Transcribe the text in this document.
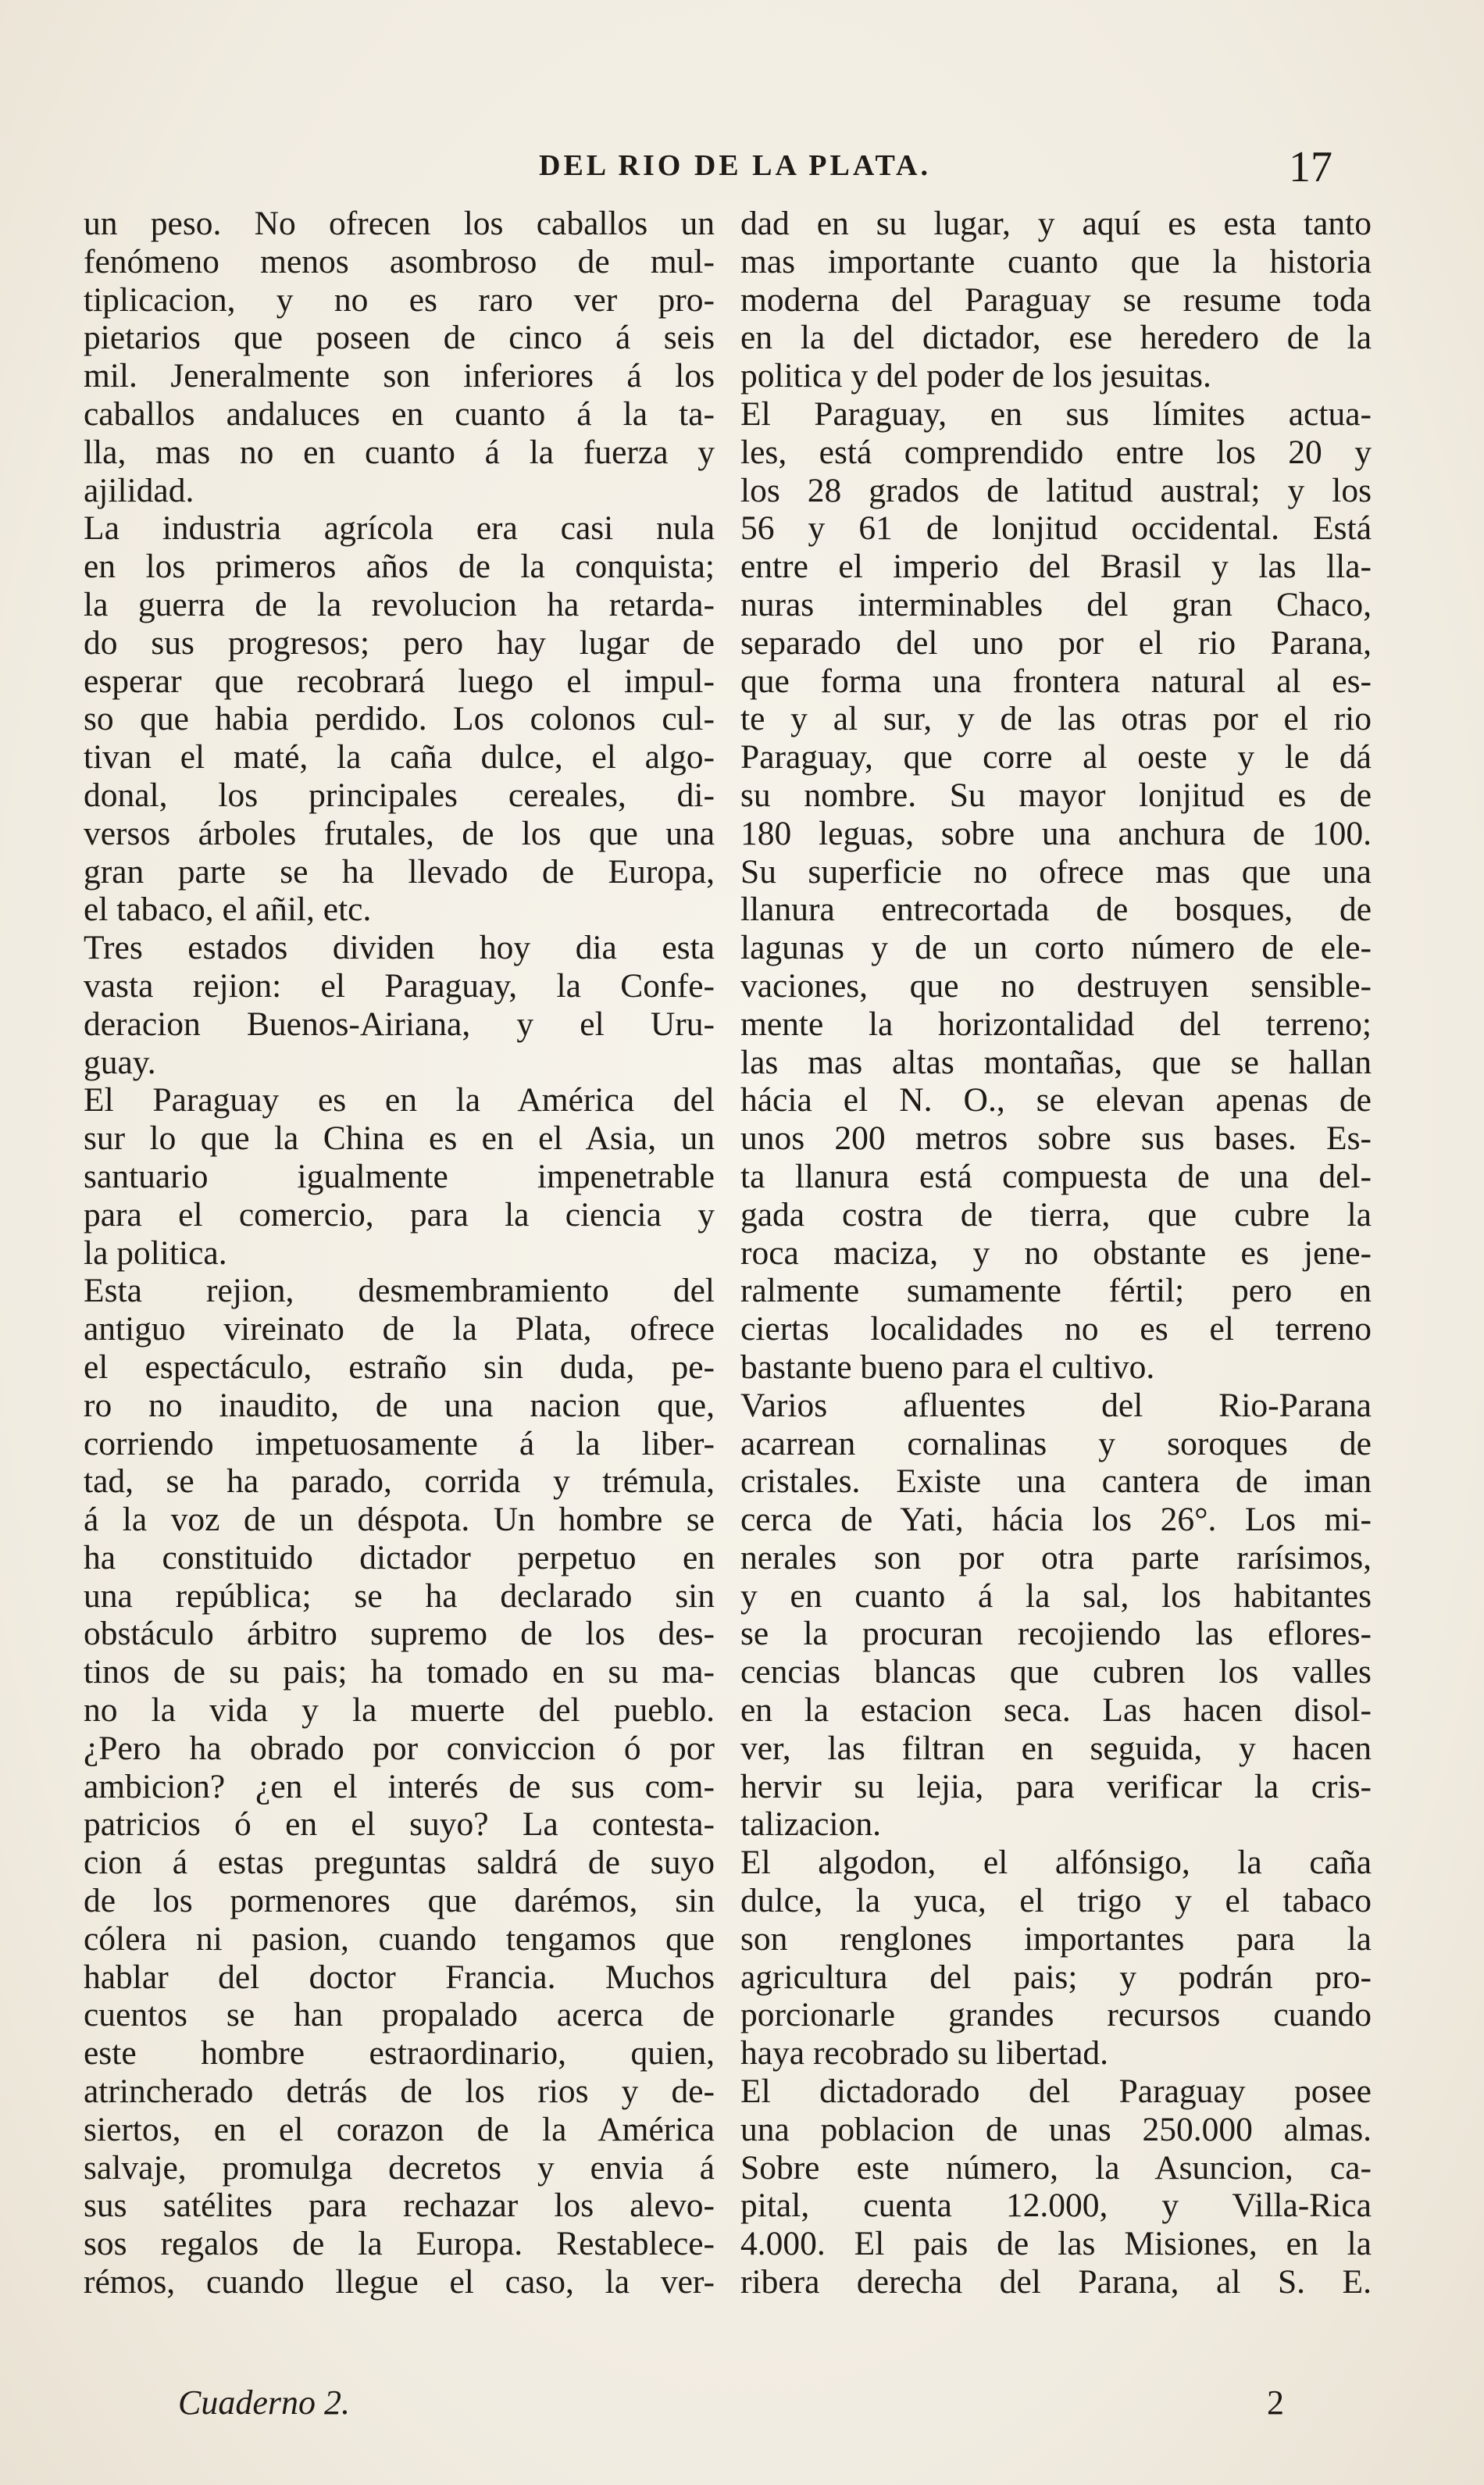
DEL RIO DE LA PLATA.	17
un peso. No ofrecen los caballos un
fenómeno menos asombroso de mul-
tiplicacion, y no es raro ver pro-
pietarios que poseen de cinco á seis
mil. Jeneralmente son inferiores á los
caballos andaluces en cuanto á la ta-
lla, mas no en cuanto á la fuerza y
ajilidad.
La industria agrícola era casi nula
en los primeros años de la conquista;
la guerra de la revolucion ha retarda-
do sus progresos; pero hay lugar de
esperar que recobrará luego el impul-
so que habia perdido. Los colonos cul-
tivan el maté, la caña dulce, el algo-
donal, los principales cereales, di-
versos árboles frutales, de los que una
gran parte se ha llevado de Europa,
el tabaco, el añil, etc.
Tres estados dividen hoy dia esta
vasta rejion: el Paraguay, la Confe-
deracion Buenos-Airiana, y el Uru-
guay.
El Paraguay es en la América del
sur lo que la China es en el Asia, un
santuario igualmente impenetrable
para el comercio, para la ciencia y
la politica.
Esta rejion, desmembramiento del
antiguo vireinato de la Plata, ofrece
el espectáculo, estraño sin duda, pe-
ro no inaudito, de una nacion que,
corriendo impetuosamente á la liber-
tad, se ha parado, corrida y trémula,
á la voz de un déspota. Un hombre se
ha constituido dictador perpetuo en
una república; se ha declarado sin
obstáculo árbitro supremo de los des-
tinos de su pais; ha tomado en su ma-
no la vida y la muerte del pueblo.
¿Pero ha obrado por conviccion ó por
ambicion? ¿en el interés de sus com-
patricios ó en el suyo? La contesta-
cion á estas preguntas saldrá de suyo
de los pormenores que darémos, sin
cólera ni pasion, cuando tengamos que
hablar del doctor Francia. Muchos
cuentos se han propalado acerca de
este hombre estraordinario, quien,
atrincherado detrás de los rios y de-
siertos, en el corazon de la América
salvaje, promulga decretos y envia á
sus satélites para rechazar los alevo-
sos regalos de la Europa. Restablece-
rémos, cuando llegue el caso, la ver-
dad en su lugar, y aquí es esta tanto
mas importante cuanto que la historia
moderna del Paraguay se resume toda
en la del dictador, ese heredero de la
politica y del poder de los jesuitas.
El Paraguay, en sus límites actua-
les, está comprendido entre los 20 y
los 28 grados de latitud austral; y los
56 y 61 de lonjitud occidental. Está
entre el imperio del Brasil y las lla-
nuras interminables del gran Chaco,
separado del uno por el rio Parana,
que forma una frontera natural al es-
te y al sur, y de las otras por el rio
Paraguay, que corre al oeste y le dá
su nombre. Su mayor lonjitud es de
180 leguas, sobre una anchura de 100.
Su superficie no ofrece mas que una
llanura entrecortada de bosques, de
lagunas y de un corto número de ele-
vaciones, que no destruyen sensible-
mente la horizontalidad del terreno;
las mas altas montañas, que se hallan
hácia el N. O., se elevan apenas de
unos 200 metros sobre sus bases. Es-
ta llanura está compuesta de una del-
gada costra de tierra, que cubre la
roca maciza, y no obstante es jene-
ralmente sumamente fértil; pero en
ciertas localidades no es el terreno
bastante bueno para el cultivo.
Varios afluentes del Rio-Parana
acarrean cornalinas y soroques de
cristales. Existe una cantera de iman
cerca de Yati, hácia los 26°. Los mi-
nerales son por otra parte rarísimos,
y en cuanto á la sal, los habitantes
se la procuran recojiendo las eflores-
cencias blancas que cubren los valles
en la estacion seca. Las hacen disol-
ver, las filtran en seguida, y hacen
hervir su lejia, para verificar la cris-
talizacion.
El algodon, el alfónsigo, la caña
dulce, la yuca, el trigo y el tabaco
son renglones importantes para la
agricultura del pais; y podrán pro-
porcionarle grandes recursos cuando
haya recobrado su libertad.
El dictadorado del Paraguay posee
una poblacion de unas 250.000 almas.
Sobre este número, la Asuncion, ca-
pital, cuenta 12.000, y Villa-Rica
4.000. El pais de las Misiones, en la
ribera derecha del Parana, al S. E.
Cuaderno 2.	2
